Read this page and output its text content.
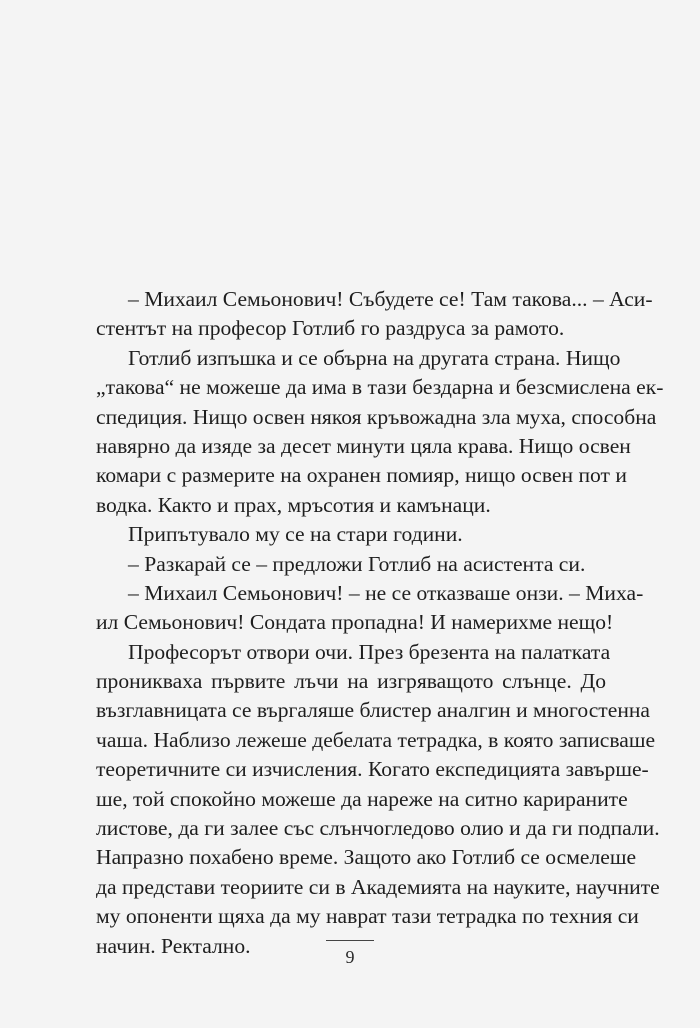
– Михаил Семьонович! Събудете се! Там такова... – Аси-
стентът на професор Готлиб го раздруса за рамото.
Готлиб изпъшка и се обърна на другата страна. Нищо
„такова“ не можеше да има в тази бездарна и безсмислена ек-
спедиция. Нищо освен някоя кръвожадна зла муха, способна
навярно да изяде за десет минути цяла крава. Нищо освен
комари с размерите на охранен помияр, нищо освен пот и
водка. Както и прах, мръсотия и камънаци.
Припътувало му се на стари години.
– Разкарай се – предложи Готлиб на асистента си.
– Михаил Семьонович! – не се отказваше онзи. – Миха-
ил Семьонович! Сондата пропадна! И намерихме нещо!
Професорът отвори очи. През брезента на палатката
проникваха първите лъчи на изгряващото слънце. До
възглавницата се въргаляше блистер аналгин и многостенна
чаша. Наблизо лежеше дебелата тетрадка, в която записваше
теоретичните си изчисления. Когато експедицията завърше-
ше, той спокойно можеше да нареже на ситно карираните
листове, да ги залее със слънчогледово олио и да ги подпали.
Напразно похабено време. Защото ако Готлиб се осмелеше
да представи теориите си в Академията на науките, научните
му опоненти щяха да му наврат тази тетрадка по техния си
начин. Ректално.	9
